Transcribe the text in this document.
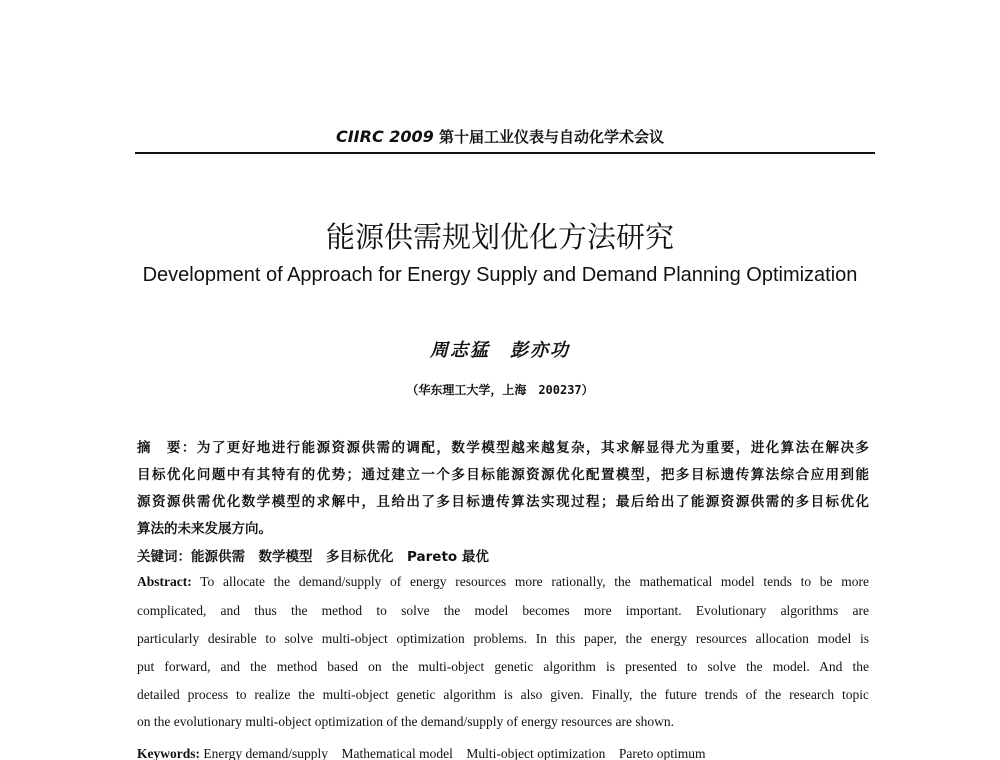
CIIRC 2009 第十届工业仪表与自动化学术会议
能源供需规划优化方法研究
Development of Approach for Energy Supply and Demand Planning Optimization
周志猛　彭亦功
（华东理工大学，上海　200237）
摘　要：为了更好地进行能源资源供需的调配，数学模型越来越复杂，其求解显得尤为重要，进化算法在解决多
目标优化问题中有其特有的优势；通过建立一个多目标能源资源优化配置模型，把多目标遗传算法综合应用到能
源资源供需优化数学模型的求解中，且给出了多目标遗传算法实现过程；最后给出了能源资源供需的多目标优化
算法的未来发展方向。
关键词：能源供需　数学模型　多目标优化　Pareto 最优
Abstract: To allocate the demand/supply of energy resources more rationally, the mathematical model tends to be more
complicated, and thus the method to solve the model becomes more important. Evolutionary algorithms are
particularly desirable to solve multi-object optimization problems. In this paper, the energy resources allocation model is
put forward, and the method based on the multi-object genetic algorithm is presented to solve the model. And the
detailed process to realize the multi-object genetic algorithm is also given. Finally, the future trends of the research topic
on the evolutionary multi-object optimization of the demand/supply of energy resources are shown.
Keywords: Energy demand/supply　Mathematical model　Multi-object optimization　Pareto optimum
